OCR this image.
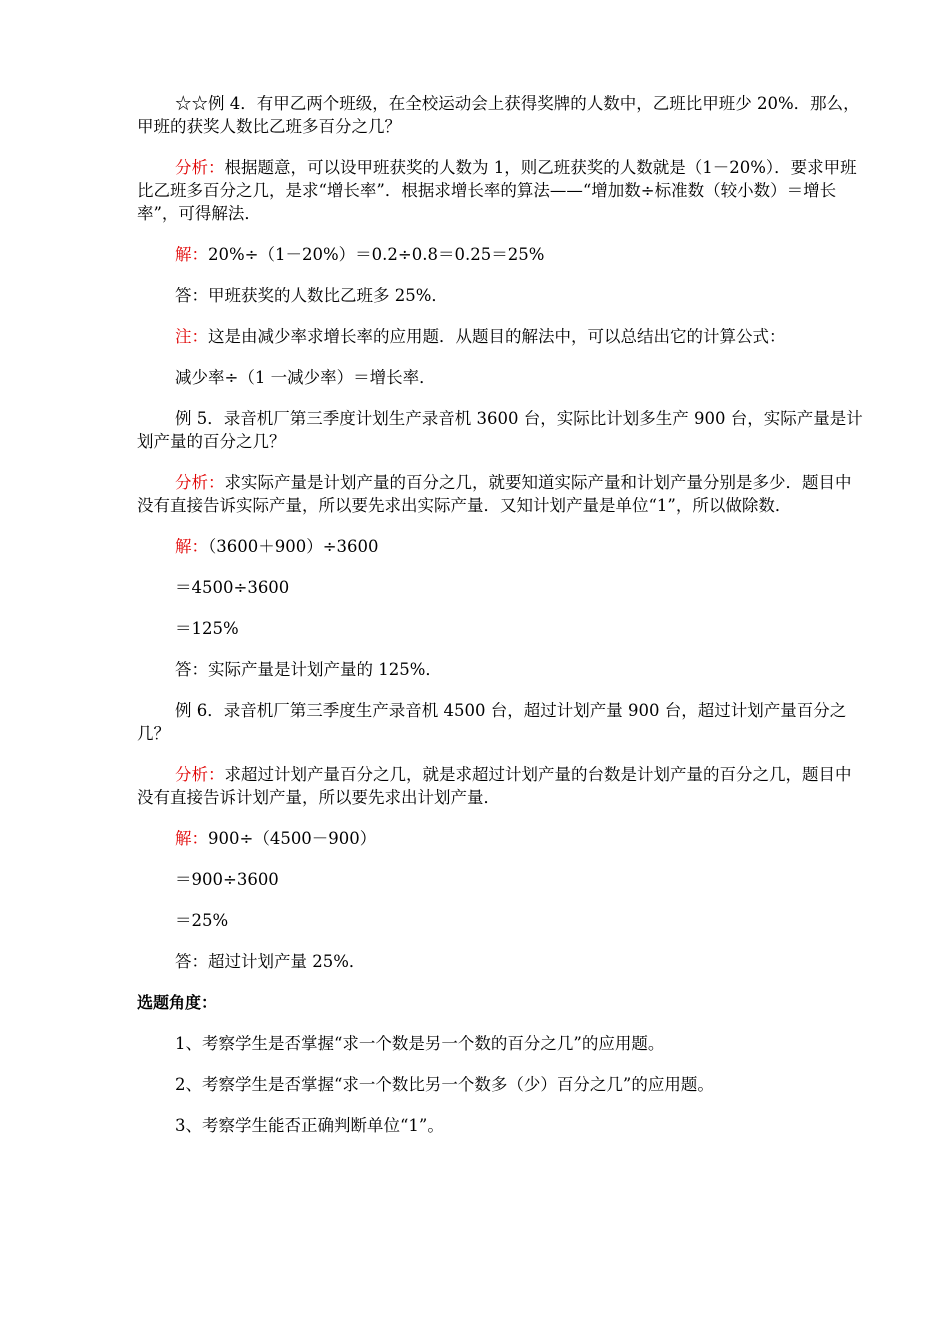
☆☆例 4．有甲乙两个班级，在全校运动会上获得奖牌的人数中，乙班比甲班少 20%．那么，甲班的获奖人数比乙班多百分之几？

分析：根据题意，可以设甲班获奖的人数为 1，则乙班获奖的人数就是（1－20%）．要求甲班比乙班多百分之几，是求“增长率”．根据求增长率的算法——“增加数÷标准数（较小数）＝增长率”，可得解法．

解：20%÷（1－20%）＝0.2÷0.8＝0.25＝25%

答：甲班获奖的人数比乙班多 25%．

注：这是由减少率求增长率的应用题．从题目的解法中，可以总结出它的计算公式：

减少率÷（1 一减少率）＝增长率．

例 5．录音机厂第三季度计划生产录音机 3600 台，实际比计划多生产 900 台，实际产量是计划产量的百分之几？

分析：求实际产量是计划产量的百分之几，就要知道实际产量和计划产量分别是多少．题目中没有直接告诉实际产量，所以要先求出实际产量．又知计划产量是单位“1”，所以做除数．

解：（3600＋900）÷3600

＝4500÷3600

＝125%

答：实际产量是计划产量的 125%．

例 6．录音机厂第三季度生产录音机 4500 台，超过计划产量 900 台，超过计划产量百分之几？

分析：求超过计划产量百分之几，就是求超过计划产量的台数是计划产量的百分之几，题目中没有直接告诉计划产量，所以要先求出计划产量．

解：900÷（4500－900）

＝900÷3600

＝25%

答：超过计划产量 25%．

选题角度：

1、考察学生是否掌握“求一个数是另一个数的百分之几”的应用题。

2、考察学生是否掌握“求一个数比另一个数多（少）百分之几”的应用题。

3、考察学生能否正确判断单位“1”。
